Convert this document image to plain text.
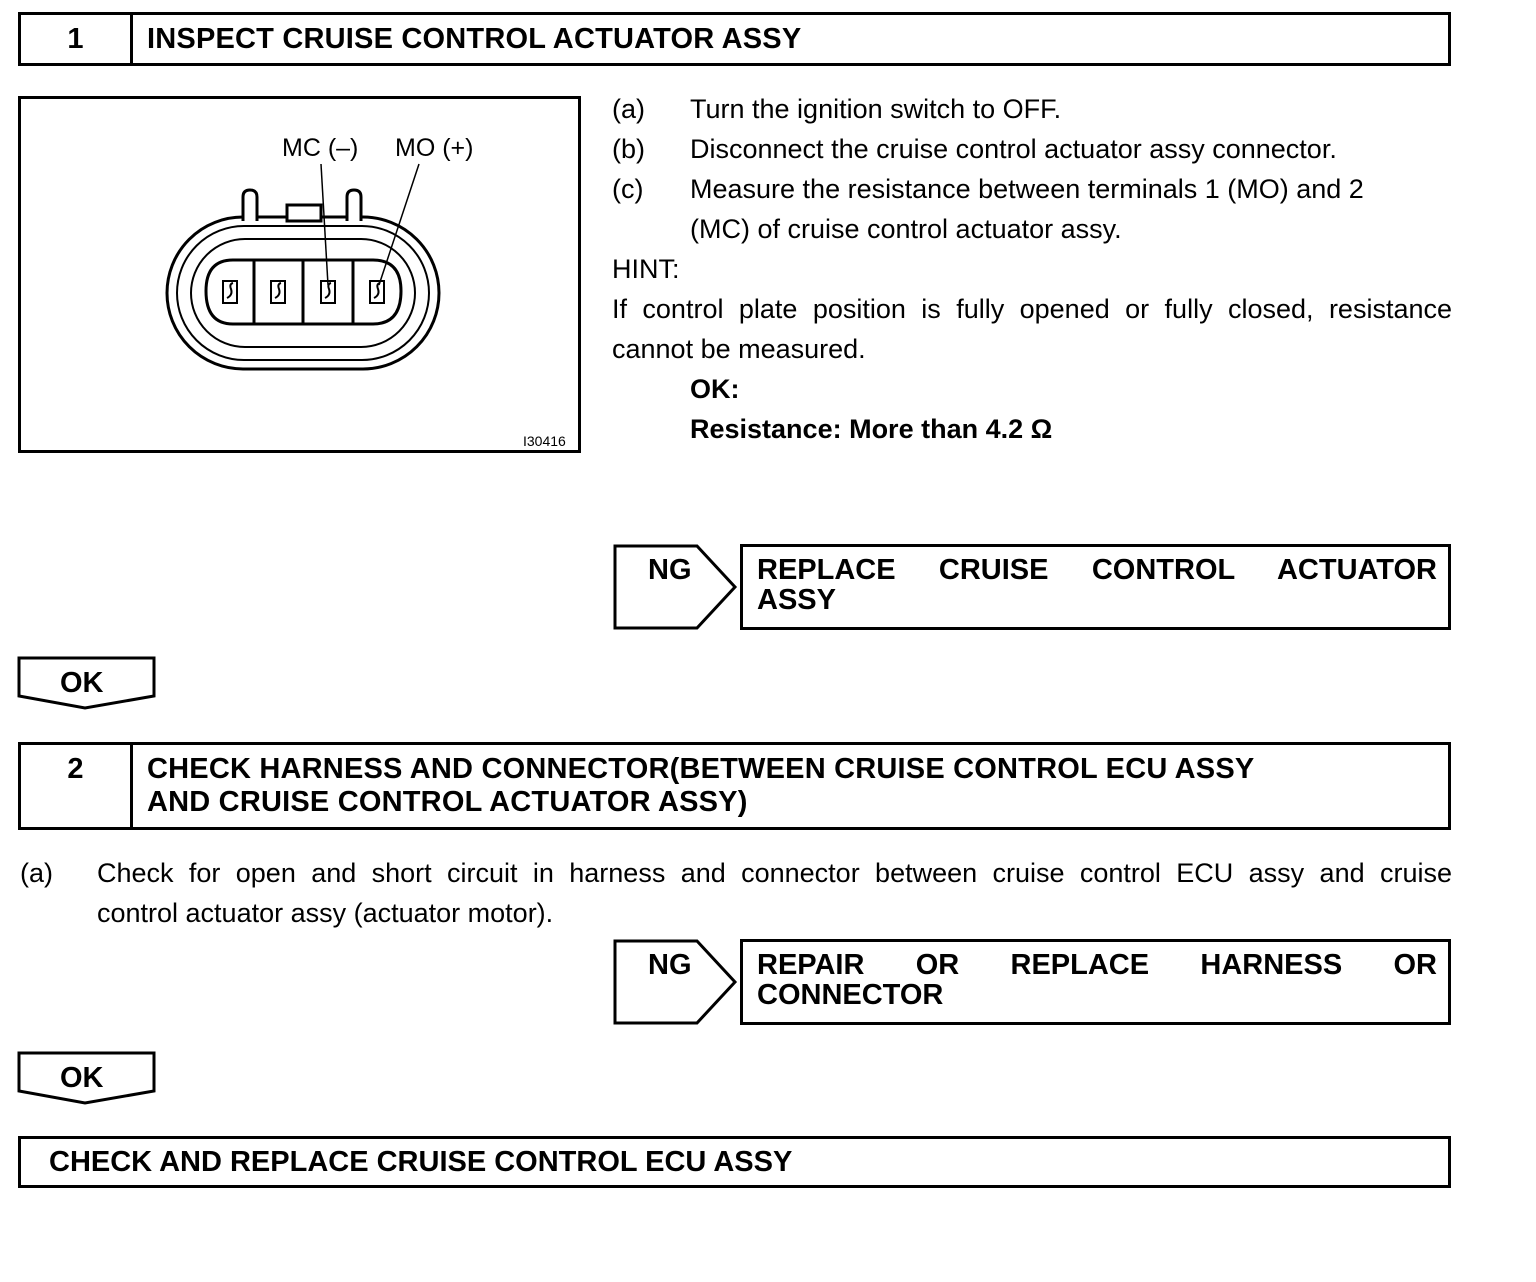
1	INSPECT CRUISE CONTROL ACTUATOR ASSY
MC (–) MO (+)
I30416
(a) Turn the ignition switch to OFF.
(b) Disconnect the cruise control actuator assy connector.
(c) Measure the resistance between terminals 1 (MO) and 2
(MC) of cruise control actuator assy.
HINT:
If control plate position is fully opened or fully closed, resistance
cannot be measured.
OK:
Resistance: More than 4.2 Ω
NG REPLACE CRUISE CONTROL ACTUATOR
ASSY
OK
2	CHECK HARNESS AND CONNECTOR(BETWEEN CRUISE CONTROL ECU ASSY
AND CRUISE CONTROL ACTUATOR ASSY)
(a) Check for open and short circuit in harness and connector between cruise control ECU assy and cruise
control actuator assy (actuator motor).
NG REPAIR OR REPLACE HARNESS OR
CONNECTOR
OK
CHECK AND REPLACE CRUISE CONTROL ECU ASSY
